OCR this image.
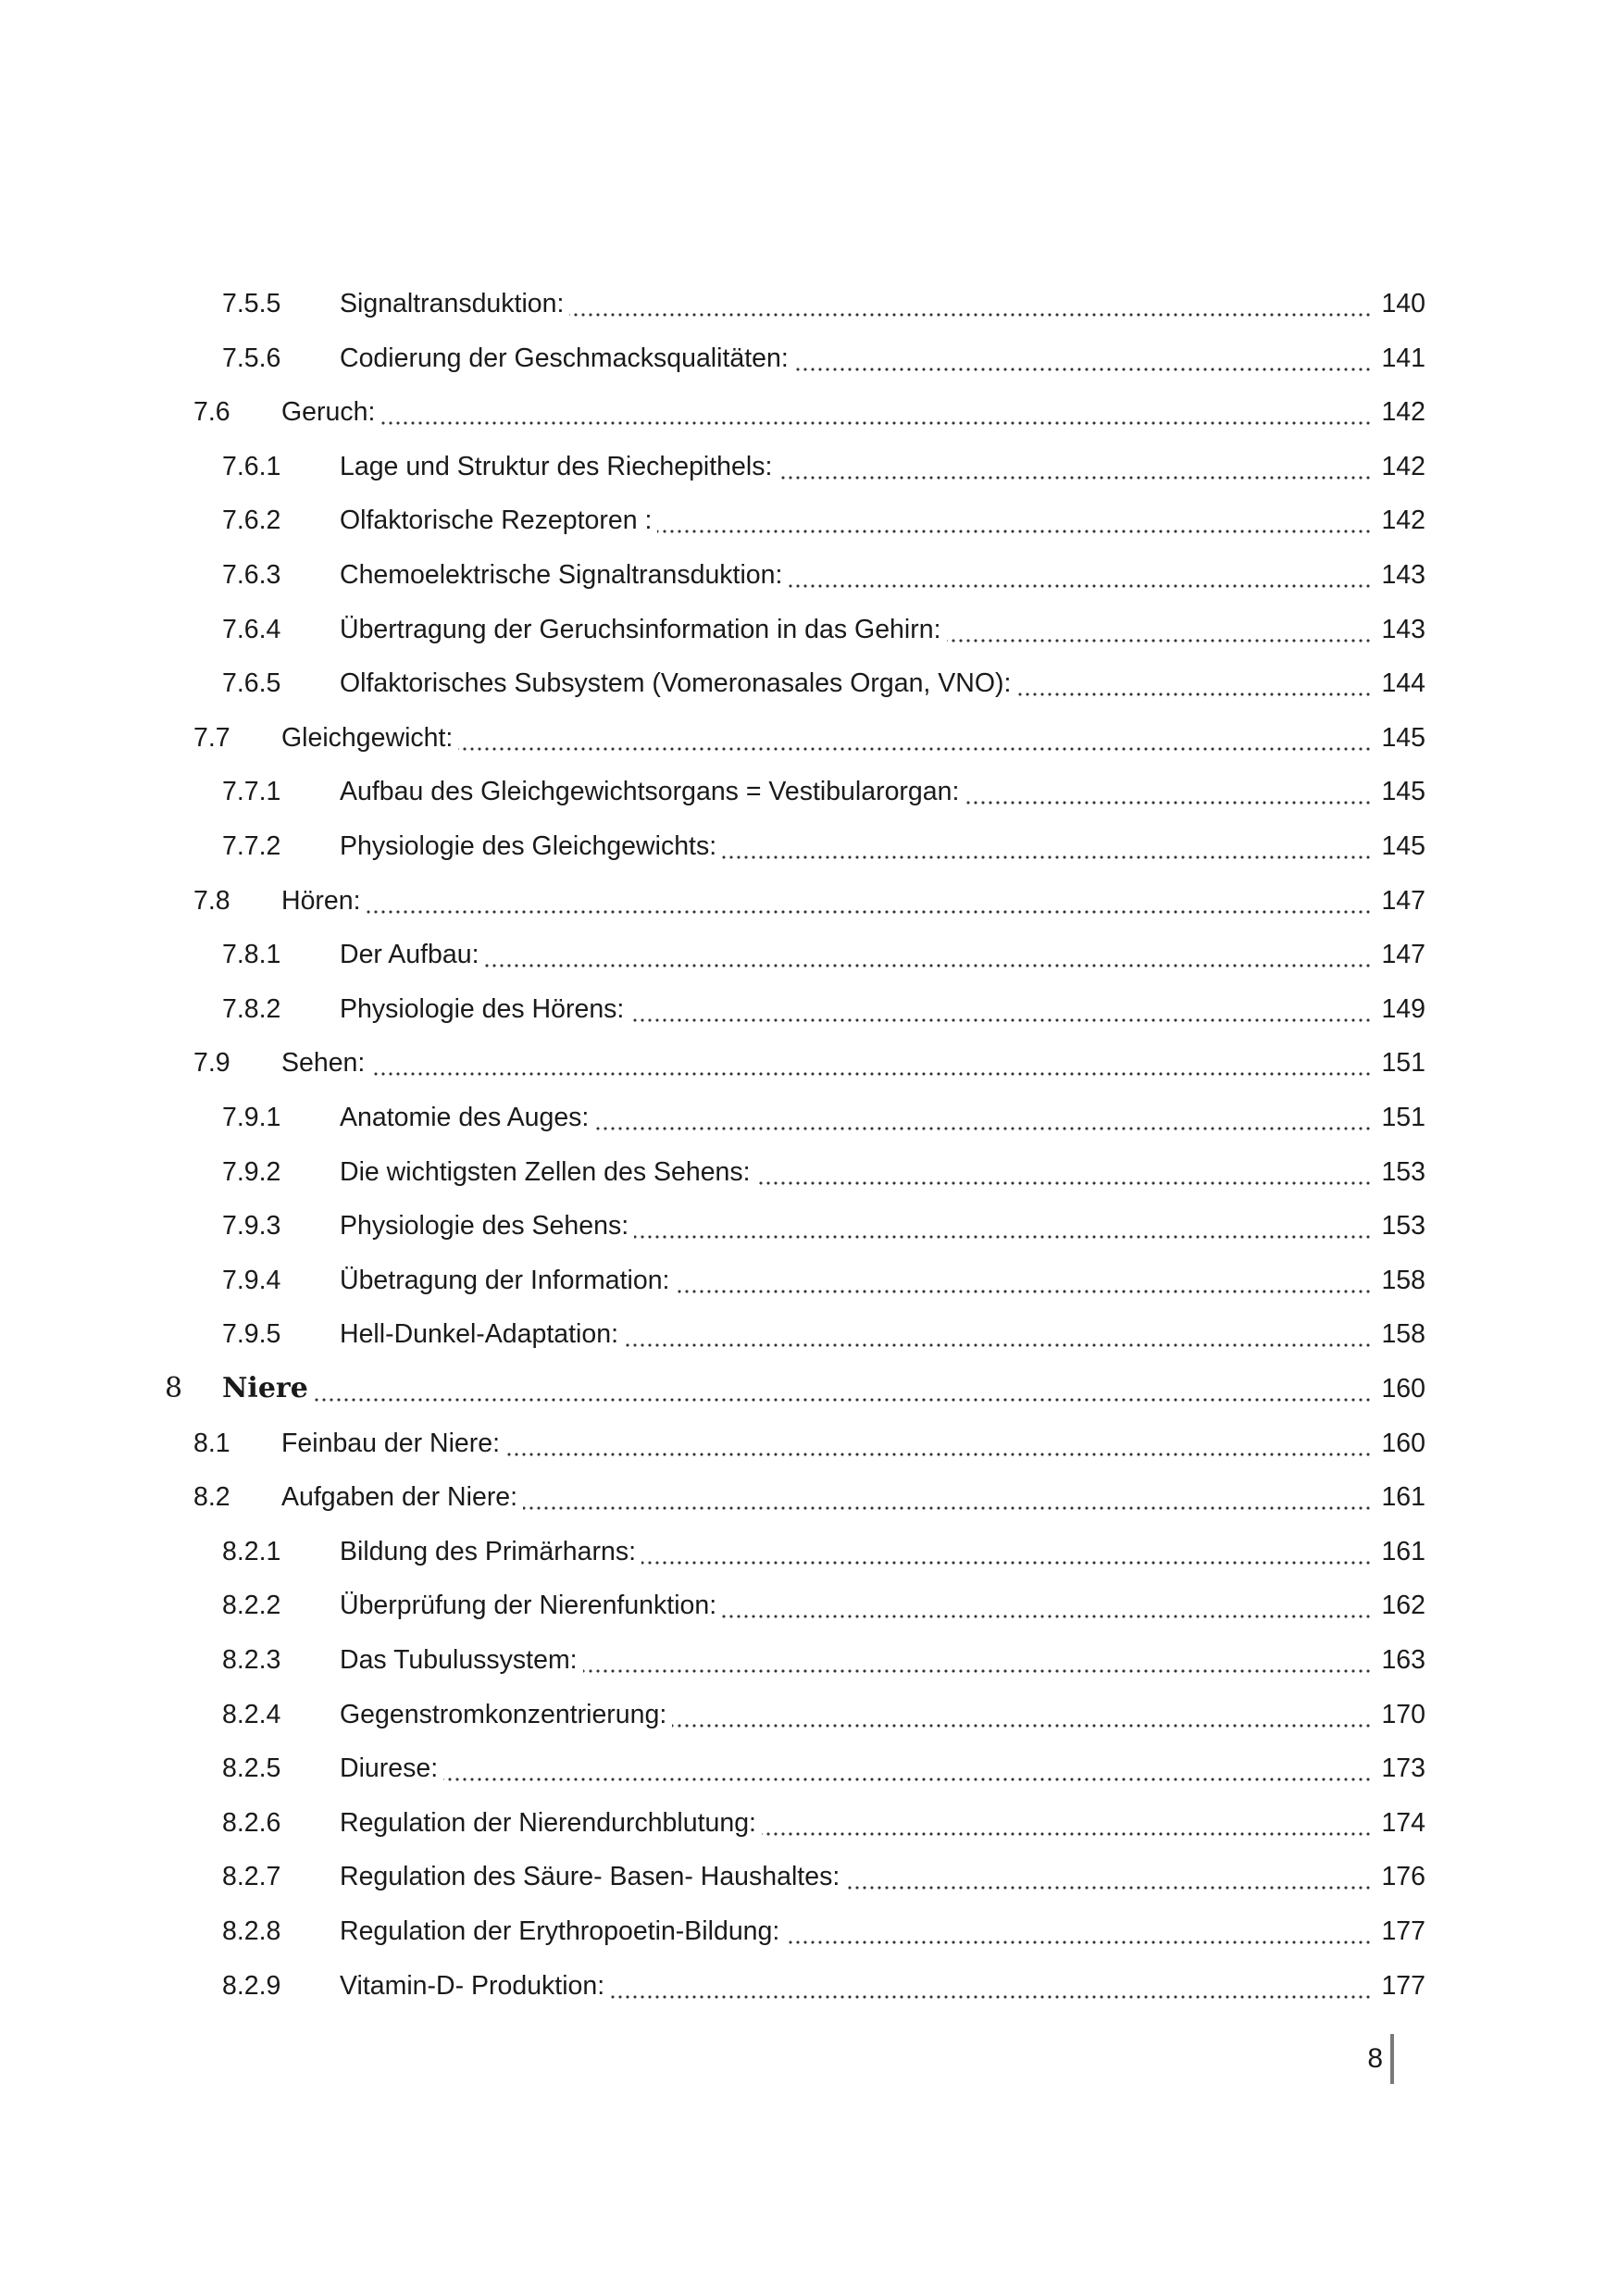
7.5.5 Signaltransduktion:	140
7.5.6 Codierung der Geschmacksqualitäten:	141
7.6 Geruch:	142
7.6.1 Lage und Struktur des Riechepithels:	142
7.6.2 Olfaktorische Rezeptoren :	142
7.6.3 Chemoelektrische Signaltransduktion:	143
7.6.4 Übertragung der Geruchsinformation in das Gehirn:	143
7.6.5 Olfaktorisches Subsystem (Vomeronasales Organ, VNO):	144
7.7 Gleichgewicht:	145
7.7.1 Aufbau des Gleichgewichtsorgans = Vestibularorgan:	145
7.7.2 Physiologie des Gleichgewichts:	145
7.8 Hören:	147
7.8.1 Der Aufbau:	147
7.8.2 Physiologie des Hörens:	149
7.9 Sehen:	151
7.9.1 Anatomie des Auges:	151
7.9.2 Die wichtigsten Zellen des Sehens:	153
7.9.3 Physiologie des Sehens:	153
7.9.4 Übetragung der Information:	158
7.9.5 Hell-Dunkel-Adaptation:	158
8 Niere	160
8.1 Feinbau der Niere:	160
8.2 Aufgaben der Niere:	161
8.2.1 Bildung des Primärharns:	161
8.2.2 Überprüfung der Nierenfunktion:	162
8.2.3 Das Tubulussystem:	163
8.2.4 Gegenstromkonzentrierung:	170
8.2.5 Diurese:	173
8.2.6 Regulation der Nierendurchblutung:	174
8.2.7 Regulation des Säure- Basen- Haushaltes:	176
8.2.8 Regulation der Erythropoetin-Bildung:	177
8.2.9 Vitamin-D- Produktion:	177
8
